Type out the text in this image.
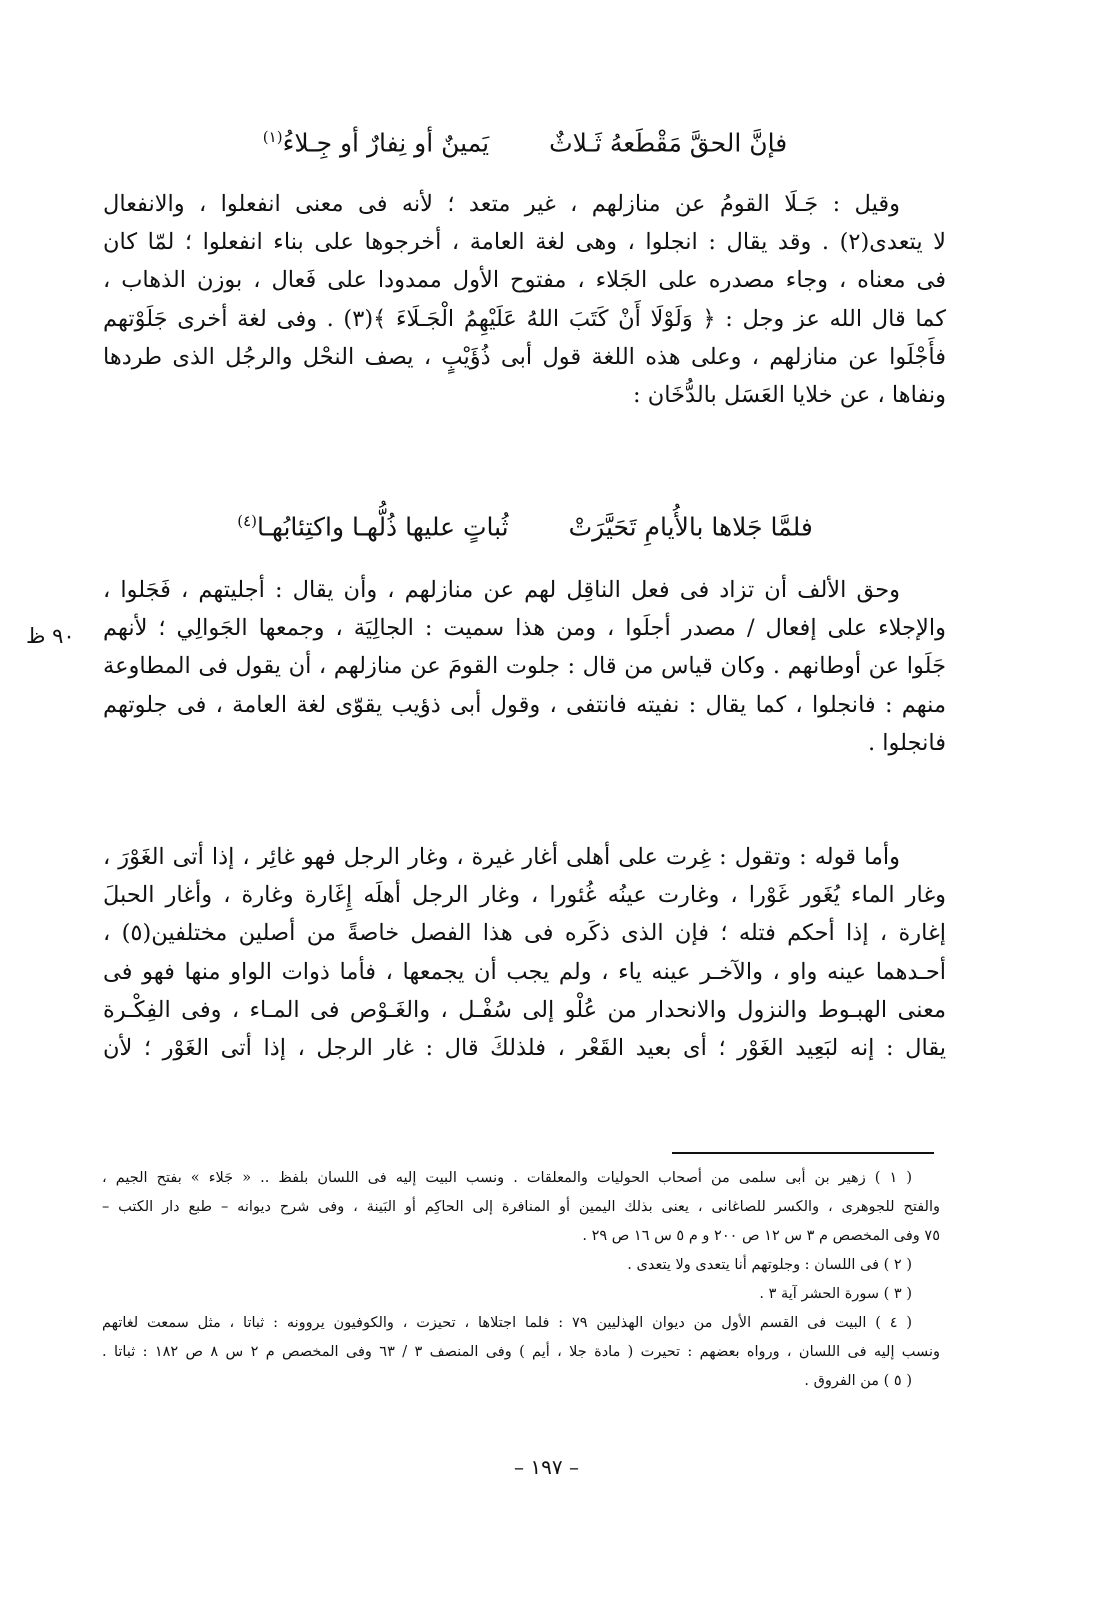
فإنَّ الحقَّ مَقْطَعهُ ثَـلاثٌيَمينٌ أو نِفارٌ أو جِـلاءُ$^{(١)}$
وقيل : جَـلَا القومُ عن منازلهم ، غير متعد ؛ لأنه فى معنى انفعلوا ، والانفعال
لا يتعدى(٢) . وقد يقال : انجلوا ، وهى لغة العامة ، أخرجوها على بناء انفعلوا ؛ لمّا كان
فى معناه ، وجاء مصدره على الجَلاء ، مفتوح الأول ممدودا على فَعال ، بوزن الذهاب ،
كما قال الله عز وجل : ﴿ وَلَوْلَا أَنْ كَتَبَ اللهُ عَلَيْهِمُ الْجَـلَاءَ ﴾(٣) . وفى لغة أخرى جَلَوْتهم
فأَجْلَوا عن منازلهم ، وعلى هذه اللغة قول أبى ذُؤَيْبٍ ، يصف النحْل والرجُل الذى طردها
ونفاها ، عن خلايا العَسَل بالدُّخَان :
فلمَّا جَلاها بالأُيامِ تَحَيَّرَتْثُباتٍ عليها ذُلُّهـا واكتِئابُهـا$^{(٤)}$
وحق الألف أن تزاد فى فعل الناقِل لهم عن منازلهم ، وأن يقال : أجليتهم ، فَجَلوا ،
والإجلاء على إفعال / مصدر أجلَوا ، ومن هذا سميت : الجالِيَة ، وجمعها الجَوالِي ؛ لأنهم
جَلَوا عن أوطانهم . وكان قياس من قال : جلوت القومَ عن منازلهم ، أن يقول فى المطاوعة
منهم : فانجلوا ، كما يقال : نفيته فانتفى ، وقول أبى ذؤيب يقوّى لغة العامة ، فى جلوتهم
فانجلوا .
٩٠ ظ
وأما قوله : وتقول : غِرت على أهلى أغار غيرة ، وغار الرجل فهو غائِر ، إذا أتى الغَوْرَ ،
وغار الماء يُغَور غَوْرا ، وغارت عينُه غُئورا ، وغار الرجل أهلَه إِغَارة وغارة ، وأغار الحبلَ
إغارة ، إذا أحكم فتله ؛ فإن الذى ذكَره فى هذا الفصل خاصةً من أصلين مختلفين(٥) ،
أحـدهما عينه واو ، والآخـر عينه ياء ، ولم يجب أن يجمعها ، فأما ذوات الواو منها فهو فى
معنى الهبـوط والنزول والانحدار من عُلْو إلى سُفْـل ، والغَـوْص فى المـاء ، وفى الفِكْـرة
يقال : إنه لبَعِيد الغَوْر ؛ أى بعيد القَعْر ، فلذلكَ قال : غار الرجل ، إذا أتى الغَوْر ؛ لأن
( ١ ) زهير بن أبى سلمى من أصحاب الحوليات والمعلقات . ونسب البيت إليه فى اللسان بلفظ .. « جَلاء » بفتح الجيم ،
والفتح للجوهرى ، والكسر للصاغانى ، يعنى بذلك اليمين أو المنافرة إلى الحاكِم أو البَينة ، وفى شرح ديوانه – طبع دار الكتب –
٧٥ وفى المخصص م ٣ س ١٢ ص ٢٠٠ و م ٥ س ١٦ ص ٢٩ .
( ٢ ) فى اللسان : وجلوتهم أنا يتعدى ولا يتعدى .
( ٣ ) سورة الحشر آية ٣ .
( ٤ ) البيت فى القسم الأول من ديوان الهذليين ٧٩ : فلما اجتلاها ، تحيزت ، والكوفيون يروونه : ثباتا ، مثل سمعت لغاتهم
ونسب إليه فى اللسان ، ورواه بعضهم : تحيرت ( مادة جلا ، أيم ) وفى المنصف ٣ / ٦٣ وفى المخصص م ٢ س ٨ ص ١٨٢ : ثباتا .
( ٥ ) من الفروق .
– ١٩٧ –
